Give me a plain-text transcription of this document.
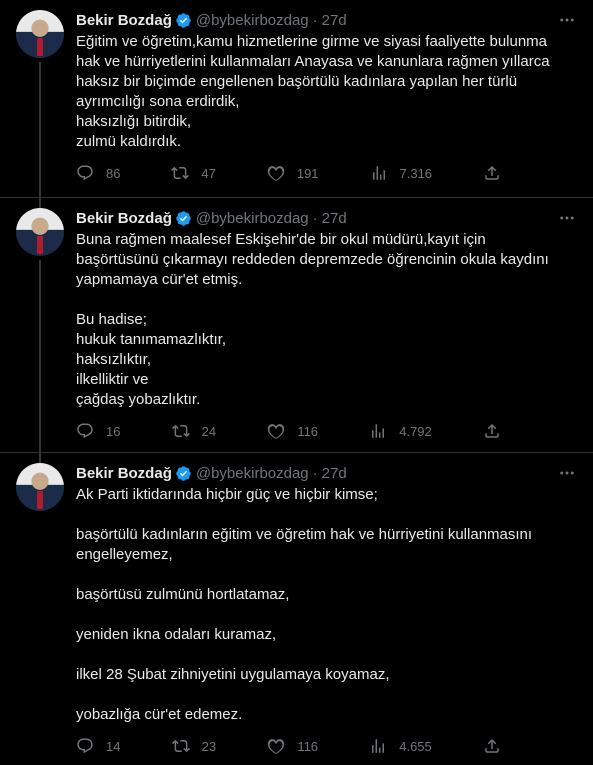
Bekir Bozdağ @bybekirbozdag · 27d
Eğitim ve öğretim,kamu hizmetlerine girme ve siyasi faaliyette bulunma
hak ve hürriyetlerini kullanmaları Anayasa ve kanunlara rağmen yıllarca
haksız bir biçimde engellenen başörtülü kadınlara yapılan her türlü
ayrımcılığı sona erdirdik,
haksızlığı bitirdik,
zulmü kaldırdık.
86	47	191	7.316
Bekir Bozdağ @bybekirbozdag · 27d
Buna rağmen maalesef Eskişehir'de bir okul müdürü,kayıt için
başörtüsünü çıkarmayı reddeden depremzede öğrencinin okula kaydını
yapmamaya cür'et etmiş.

Bu hadise;
hukuk tanımamazlıktır,
haksızlıktır,
ilkelliktir ve
çağdaş yobazlıktır.
16	24	116	4.792
Bekir Bozdağ @bybekirbozdag · 27d
Ak Parti iktidarında hiçbir güç ve hiçbir kimse;

başörtülü kadınların eğitim ve öğretim hak ve hürriyetini kullanmasını
engelleyemez,

başörtüsü zulmünü hortlatamaz,

yeniden ikna odaları kuramaz,

ilkel 28 Şubat zihniyetini uygulamaya koyamaz,

yobazlığa cür'et edemez.
14	23	116	4.655
